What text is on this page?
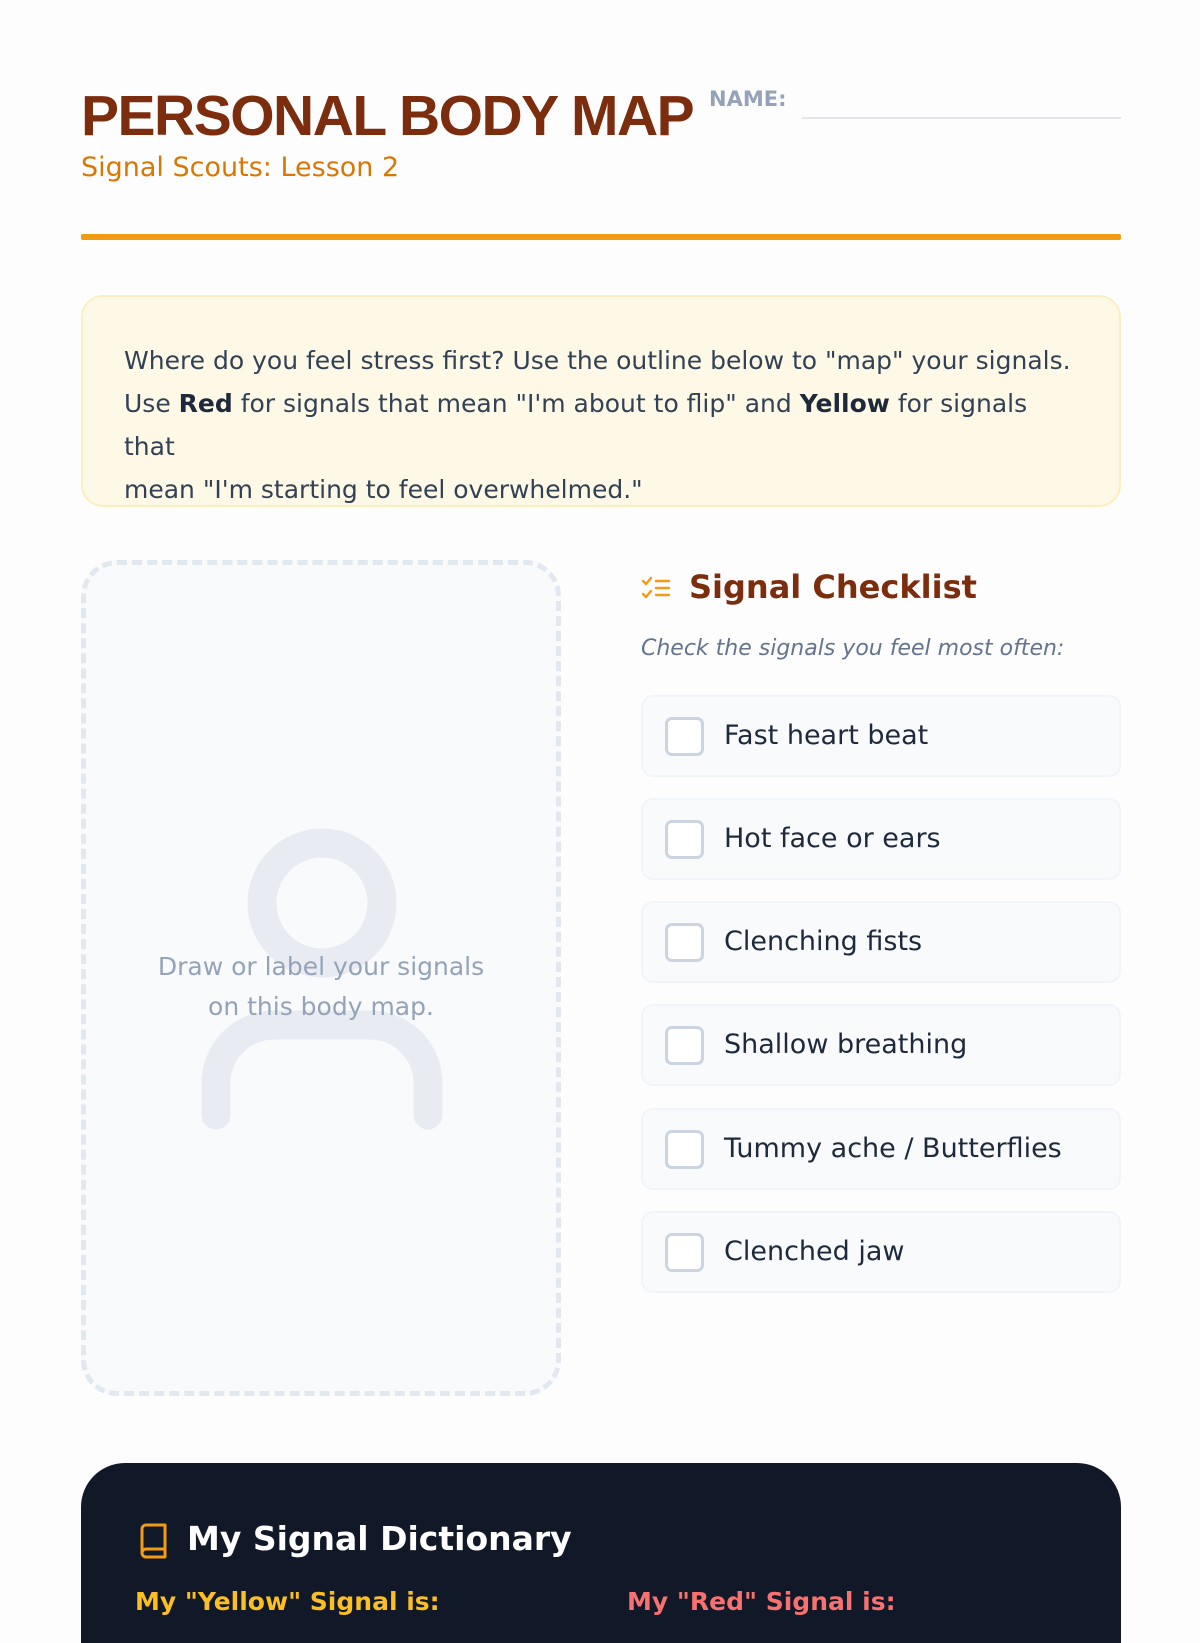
PERSONAL BODY MAP
Signal Scouts: Lesson 2
NAME:
Where do you feel stress first? Use the outline below to "map" your signals.
Use Red for signals that mean "I'm about to flip" and Yellow for signals that
mean "I'm starting to feel overwhelmed."
Draw or label your signals
on this body map.
Signal Checklist
Check the signals you feel most often:
Fast heart beat
Hot face or ears
Clenching fists
Shallow breathing
Tummy ache / Butterflies
Clenched jaw
My Signal Dictionary
My "Yellow" Signal is:	My "Red" Signal is:
